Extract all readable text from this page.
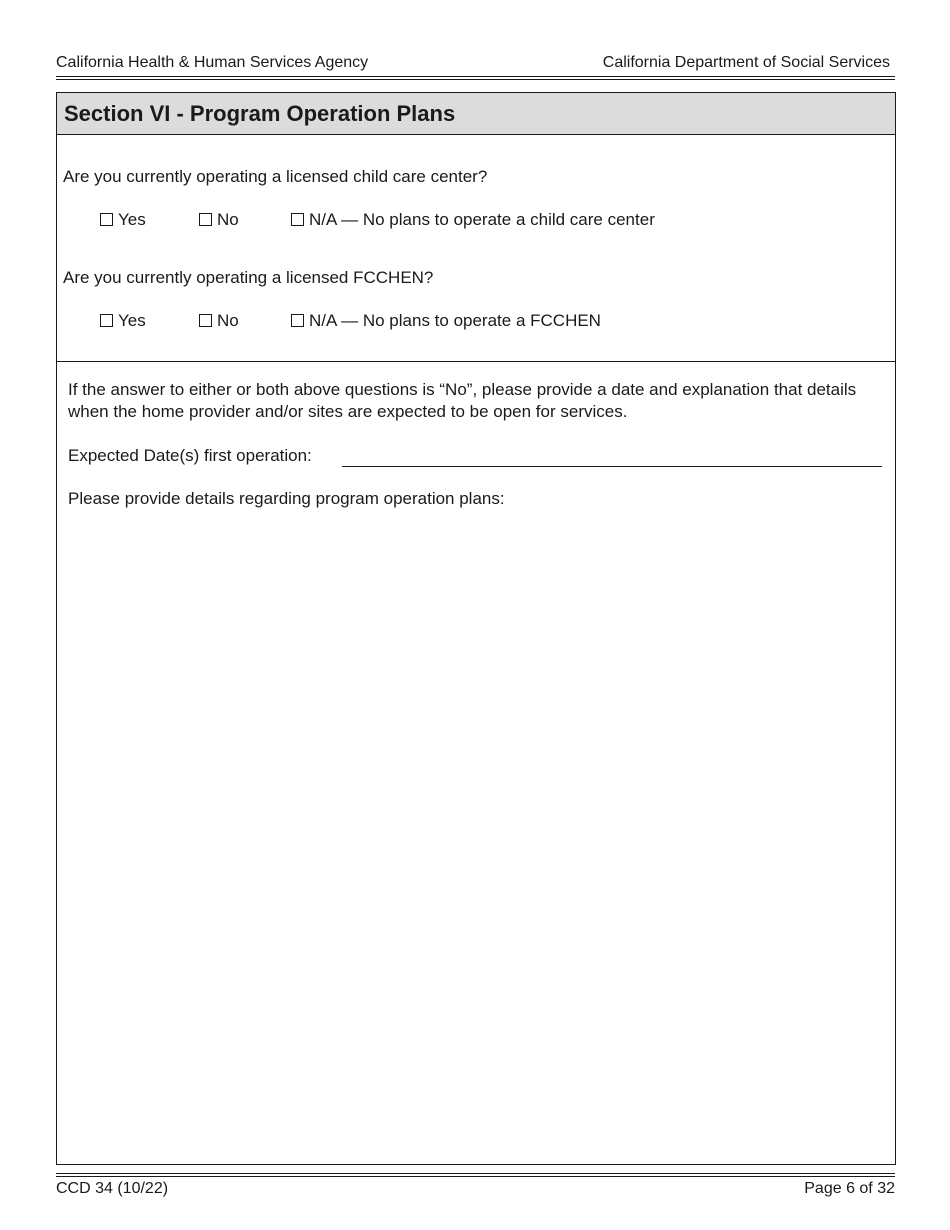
California Health & Human Services Agency	California Department of Social Services
Section VI - Program Operation Plans

Are you currently operating a licensed child care center?

Yes	No	N/A — No plans to operate a child care center

Are you currently operating a licensed FCCHEN?

Yes	No	N/A — No plans to operate a FCCHEN

If the answer to either or both above questions is “No”, please provide a date and explanation that details when the home provider and/or sites are expected to be open for services.

Expected Date(s) first operation:

Please provide details regarding program operation plans:

CCD 34 (10/22)	Page 6 of 32
